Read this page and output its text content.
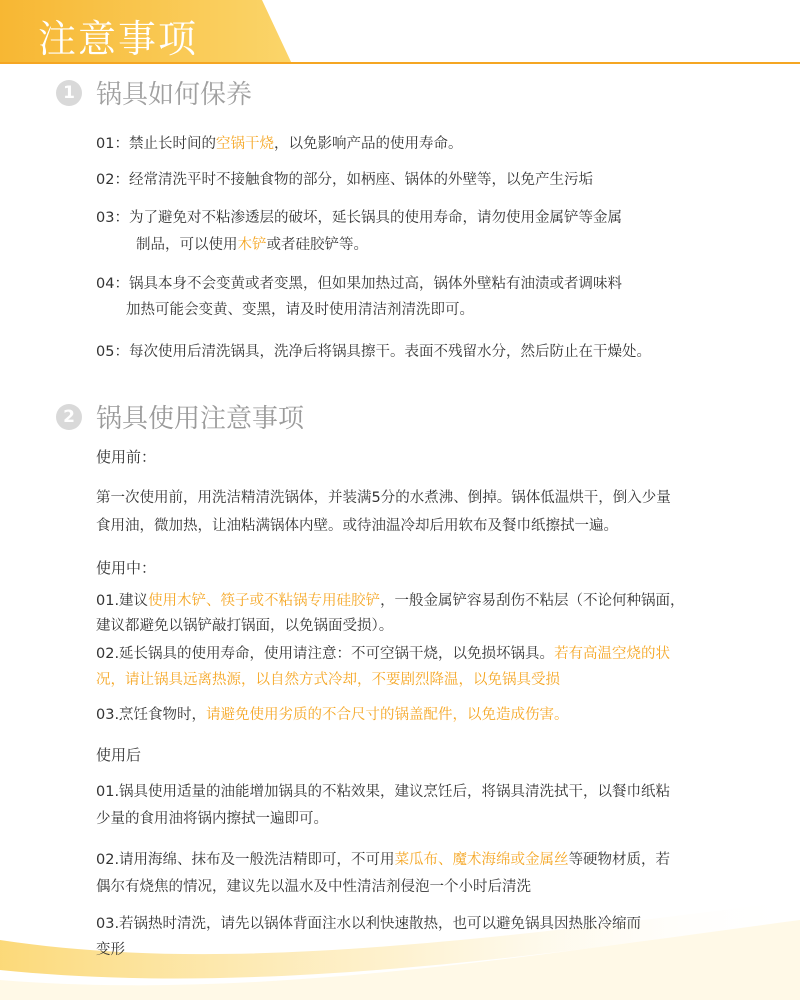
注意事项
1 锅具如何保养
01：禁止长时间的空锅干烧，以免影响产品的使用寿命。
02：经常清洗平时不接触食物的部分，如柄座、锅体的外壁等，以免产生污垢
03：为了避免对不粘渗透层的破坏，延长锅具的使用寿命，请勿使用金属铲等金属
制品，可以使用木铲或者硅胶铲等。
04：锅具本身不会变黄或者变黑，但如果加热过高，锅体外壁粘有油渍或者调味料
加热可能会变黄、变黑，请及时使用清洁剂清洗即可。
05：每次使用后清洗锅具，洗净后将锅具擦干。表面不残留水分，然后防止在干燥处。
2 锅具使用注意事项
使用前：
第一次使用前，用洗洁精清洗锅体，并装满5分的水煮沸、倒掉。锅体低温烘干，倒入少量
食用油，微加热，让油粘满锅体内壁。或待油温冷却后用软布及餐巾纸擦拭一遍。
使用中：
01.建议使用木铲、筷子或不粘锅专用硅胶铲，一般金属铲容易刮伤不粘层（不论何种锅面，
建议都避免以锅铲敲打锅面，以免锅面受损）。
02.延长锅具的使用寿命，使用请注意：不可空锅干烧，以免损坏锅具。若有高温空烧的状
况，请让锅具远离热源，以自然方式冷却，不要剧烈降温，以免锅具受损
03.烹饪食物时，请避免使用劣质的不合尺寸的锅盖配件，以免造成伤害。
使用后
01.锅具使用适量的油能增加锅具的不粘效果，建议烹饪后，将锅具清洗拭干，以餐巾纸粘
少量的食用油将锅内擦拭一遍即可。
02.请用海绵、抹布及一般洗洁精即可，不可用菜瓜布、魔术海绵或金属丝等硬物材质，若
偶尔有烧焦的情况，建议先以温水及中性清洁剂侵泡一个小时后清洗
03.若锅热时清洗，请先以锅体背面注水以利快速散热，也可以避免锅具因热胀冷缩而
变形
